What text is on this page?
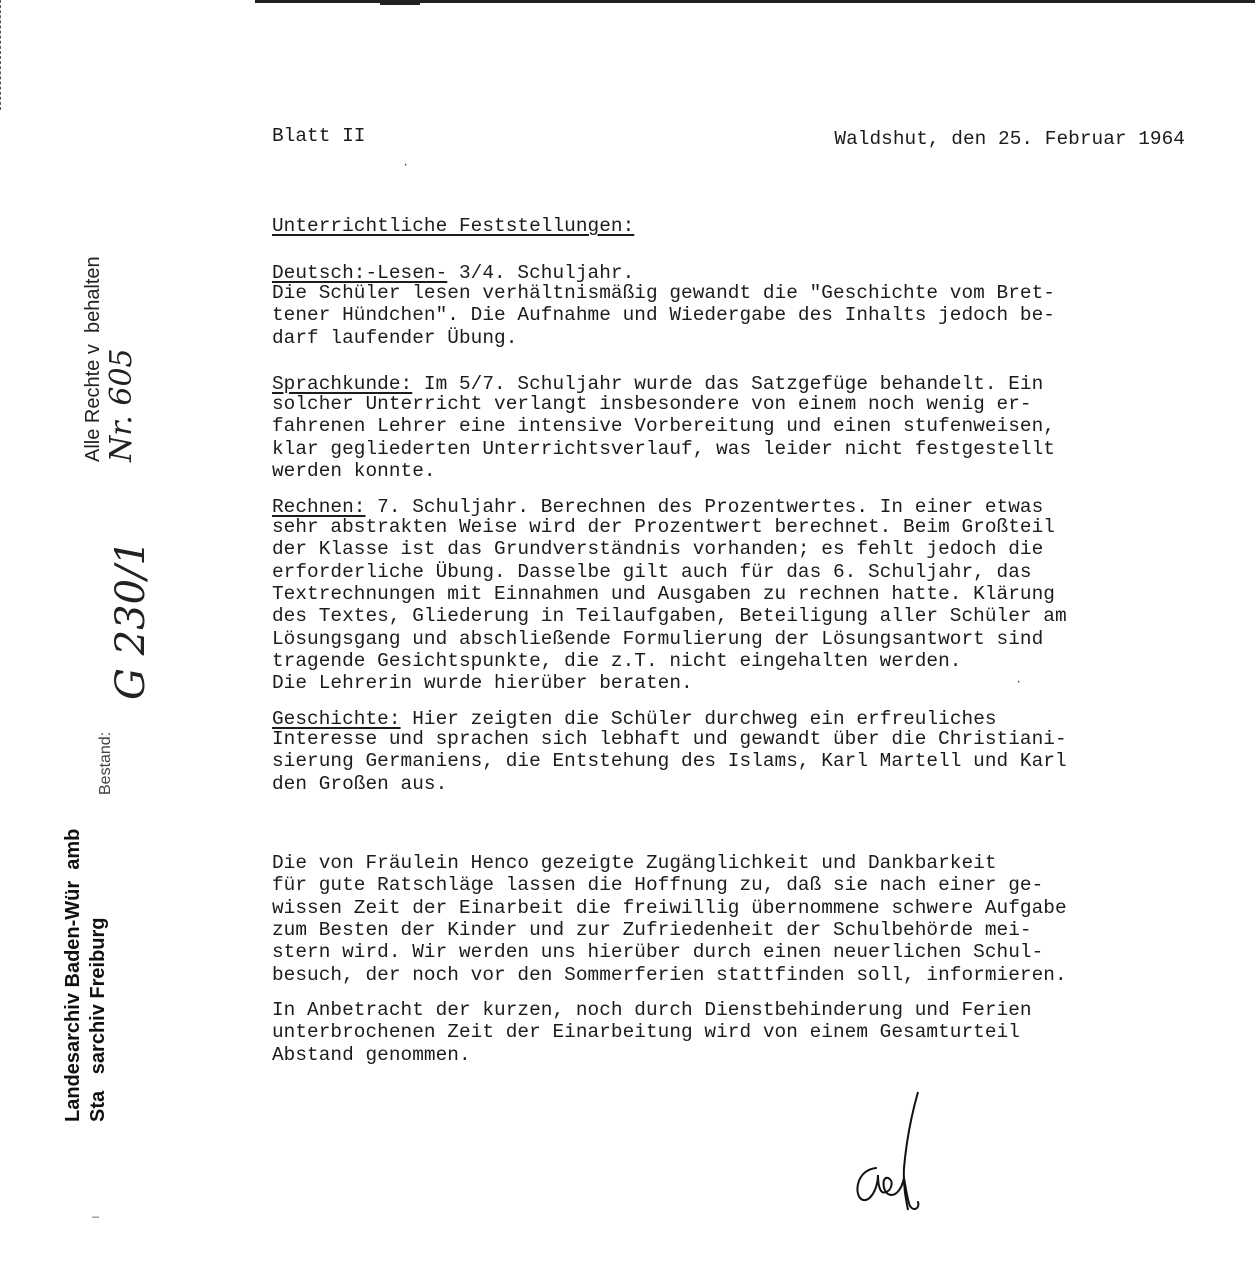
Landesarchiv Baden-Wür  amb Sta   sarchiv Freiburg
Alle Rechte v  behalten Nr. 605
Bestand:
G 230/1
·
·
—

Blatt II	Waldshut, den 25. Februar 1964

Unterrichtliche Feststellungen:

Deutsch:-Lesen- 3/4. Schuljahr.

Die Schüler lesen verhältnismäßig gewandt die "Geschichte vom Bret-

tener Hündchen". Die Aufnahme und Wiedergabe des Inhalts jedoch be-

darf laufender Übung.

Sprachkunde: Im 5/7. Schuljahr wurde das Satzgefüge behandelt. Ein

solcher Unterricht verlangt insbesondere von einem noch wenig er-

fahrenen Lehrer eine intensive Vorbereitung und einen stufenweisen,

klar gegliederten Unterrichtsverlauf, was leider nicht festgestellt

werden konnte.

Rechnen: 7. Schuljahr. Berechnen des Prozentwertes. In einer etwas

sehr abstrakten Weise wird der Prozentwert berechnet. Beim Großteil

der Klasse ist das Grundverständnis vorhanden; es fehlt jedoch die

erforderliche Übung. Dasselbe gilt auch für das 6. Schuljahr, das

Textrechnungen mit Einnahmen und Ausgaben zu rechnen hatte. Klärung

des Textes, Gliederung in Teilaufgaben, Beteiligung aller Schüler am

Lösungsgang und abschließende Formulierung der Lösungsantwort sind

tragende Gesichtspunkte, die z.T. nicht eingehalten werden.

Die Lehrerin wurde hierüber beraten.

Geschichte: Hier zeigten die Schüler durchweg ein erfreuliches

Interesse und sprachen sich lebhaft und gewandt über die Christiani-

sierung Germaniens, die Entstehung des Islams, Karl Martell und Karl

den Großen aus.

Die von Fräulein Henco gezeigte Zugänglichkeit und Dankbarkeit

für gute Ratschläge lassen die Hoffnung zu, daß sie nach einer ge-

wissen Zeit der Einarbeit die freiwillig übernommene schwere Aufgabe

zum Besten der Kinder und zur Zufriedenheit der Schulbehörde mei-

stern wird. Wir werden uns hierüber durch einen neuerlichen Schul-

besuch, der noch vor den Sommerferien stattfinden soll, informieren.

In Anbetracht der kurzen, noch durch Dienstbehinderung und Ferien

unterbrochenen Zeit der Einarbeitung wird von einem Gesamturteil

Abstand genommen.
